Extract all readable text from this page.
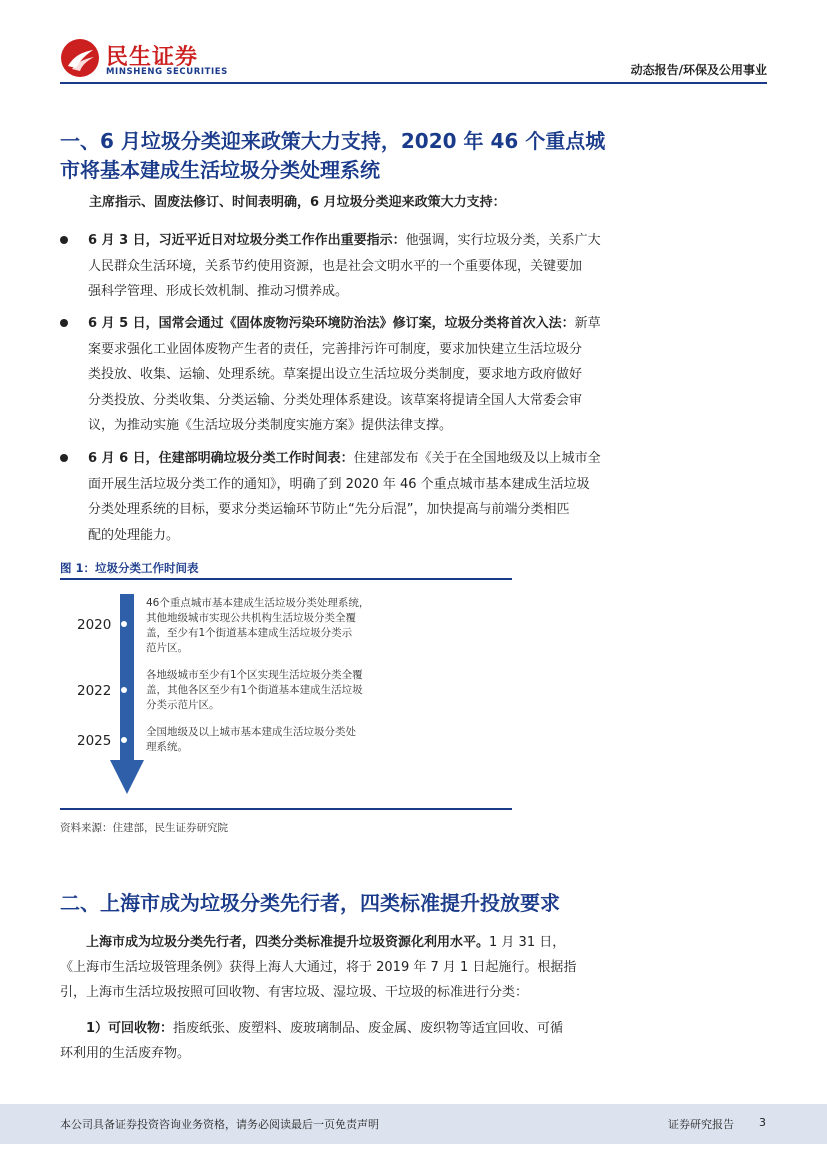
民生证券
MINSHENG SECURITIES	动态报告/环保及公用事业
一、6 月垃圾分类迎来政策大力支持，2020 年 46 个重点城
市将基本建成生活垃圾分类处理系统
主席指示、固废法修订、时间表明确，6 月垃圾分类迎来政策大力支持：
6 月 3 日，习近平近日对垃圾分类工作作出重要指示：他强调，实行垃圾分类，关系广大
人民群众生活环境，关系节约使用资源，也是社会文明水平的一个重要体现，关键要加
强科学管理、形成长效机制、推动习惯养成。
6 月 5 日，国常会通过《固体废物污染环境防治法》修订案，垃圾分类将首次入法：新草
案要求强化工业固体废物产生者的责任，完善排污许可制度，要求加快建立生活垃圾分
类投放、收集、运输、处理系统。草案提出设立生活垃圾分类制度，要求地方政府做好
分类投放、分类收集、分类运输、分类处理体系建设。该草案将提请全国人大常委会审
议，为推动实施《生活垃圾分类制度实施方案》提供法律支撑。
6 月 6 日，住建部明确垃圾分类工作时间表：住建部发布《关于在全国地级及以上城市全
面开展生活垃圾分类工作的通知》，明确了到 2020 年 46 个重点城市基本建成生活垃圾
分类处理系统的目标，要求分类运输环节防止“先分后混”，加快提高与前端分类相匹
配的处理能力。
图 1：垃圾分类工作时间表
2020
2022
2025
46个重点城市基本建成生活垃圾分类处理系统，
其他地级城市实现公共机构生活垃圾分类全覆
盖，至少有1个街道基本建成生活垃圾分类示
范片区。
各地级城市至少有1个区实现生活垃圾分类全覆
盖，其他各区至少有1个街道基本建成生活垃圾
分类示范片区。
全国地级及以上城市基本建成生活垃圾分类处
理系统。
资料来源：住建部，民生证券研究院
二、上海市成为垃圾分类先行者，四类标准提升投放要求
上海市成为垃圾分类先行者，四类分类标准提升垃圾资源化利用水平。1 月 31 日，
《上海市生活垃圾管理条例》获得上海人大通过，将于 2019 年 7 月 1 日起施行。根据指
引，上海市生活垃圾按照可回收物、有害垃圾、湿垃圾、干垃圾的标准进行分类：
1）可回收物：指废纸张、废塑料、废玻璃制品、废金属、废织物等适宜回收、可循
环利用的生活废弃物。
本公司具备证券投资咨询业务资格，请务必阅读最后一页免责声明	证券研究报告 3
